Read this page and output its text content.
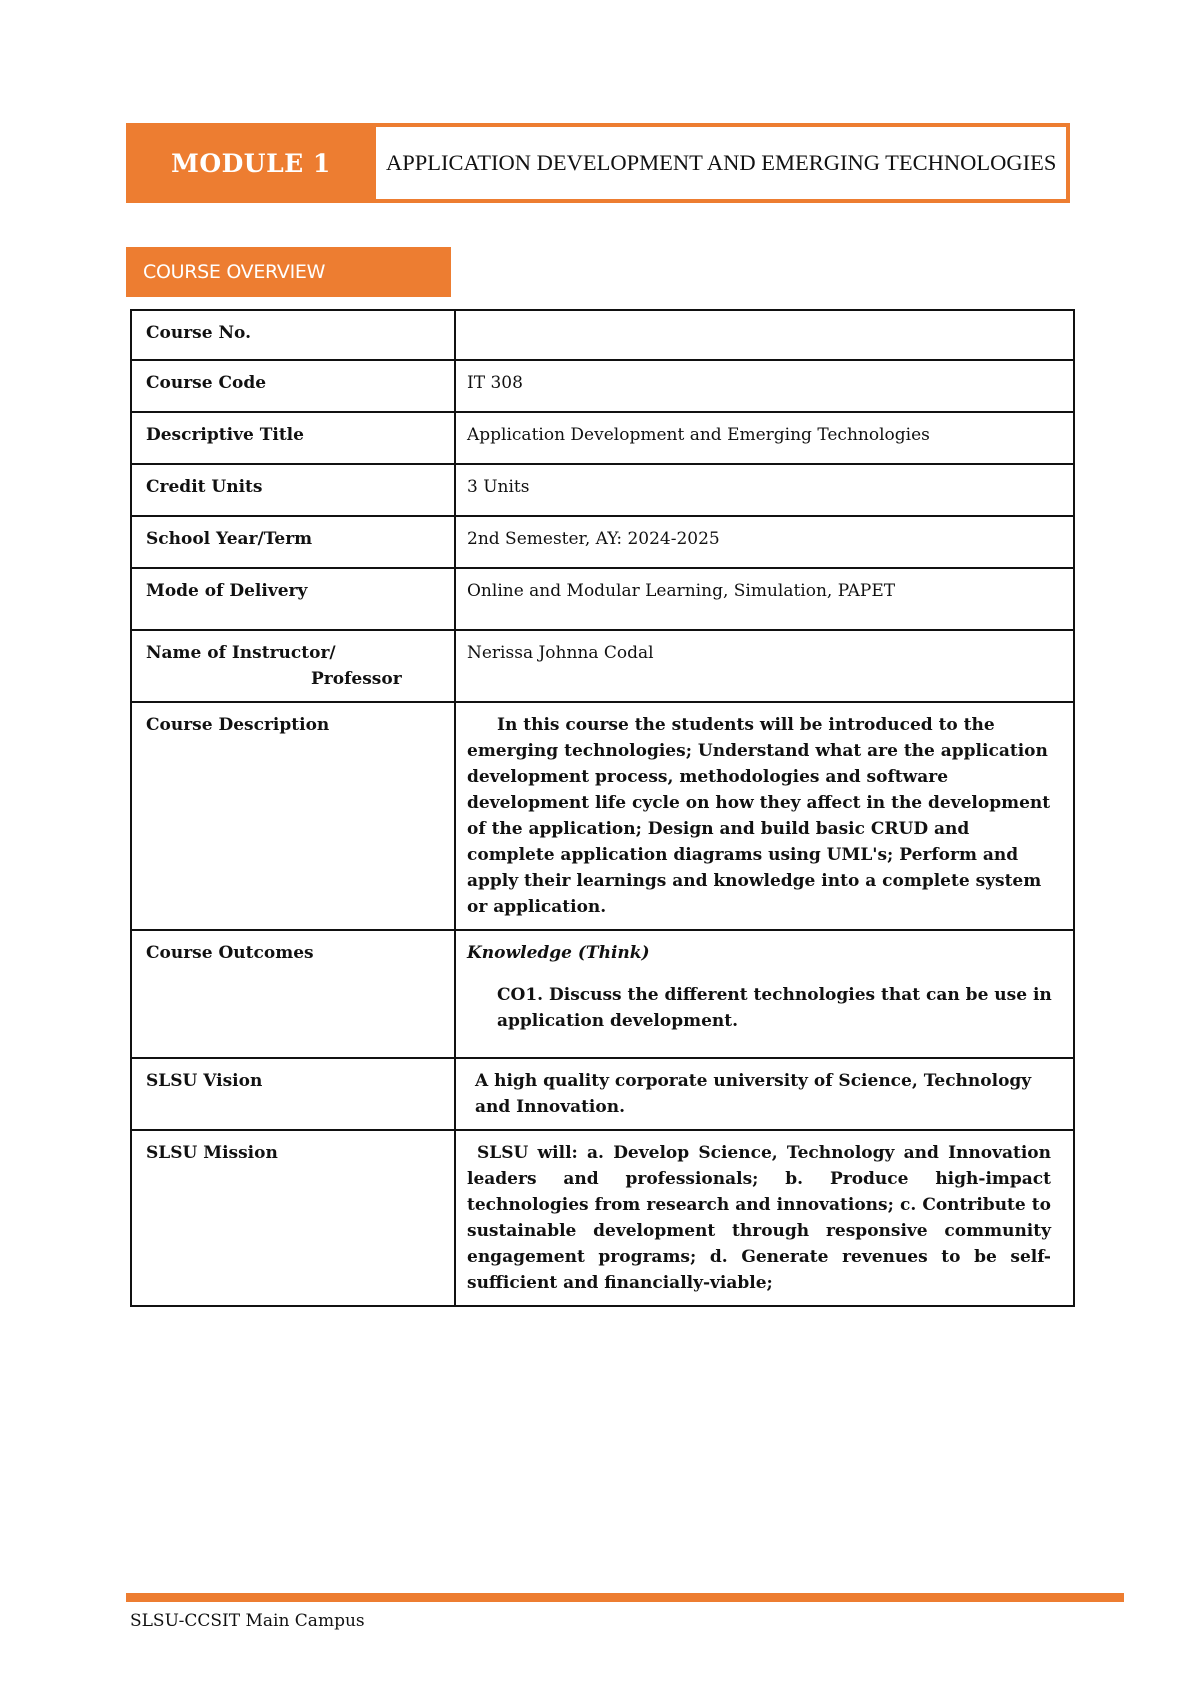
MODULE 1	APPLICATION DEVELOPMENT AND EMERGING TECHNOLOGIES
COURSE OVERVIEW
Course No.	
Course Code	IT 308
Descriptive Title	Application Development and Emerging Technologies
Credit Units	3 Units
School Year/Term	2nd Semester, AY: 2024-2025
Mode of Delivery	Online and Modular Learning, Simulation, PAPET
Name of Instructor/
Professor	Nerissa Johnna Codal
Course Description	In this course the students will be introduced to the emerging technologies; Understand what are the application development process, methodologies and software development life cycle on how they affect in the development of the application; Design and build basic CRUD and complete application diagrams using UML's; Perform and apply their learnings and knowledge into a complete system or application.

Course Outcomes	Knowledge (Think)
CO1. Discuss the different technologies that can be use in application development.

SLSU Vision	A high quality corporate university of Science, Technology and Innovation.

SLSU Mission	SLSU will: a. Develop Science, Technology and Innovation leaders and professionals; b. Produce high-impact technologies from research and innovations; c. Contribute to sustainable development through responsive community engagement programs; d. Generate revenues to be self-sufficient and financially-viable;
SLSU-CCSIT Main Campus
